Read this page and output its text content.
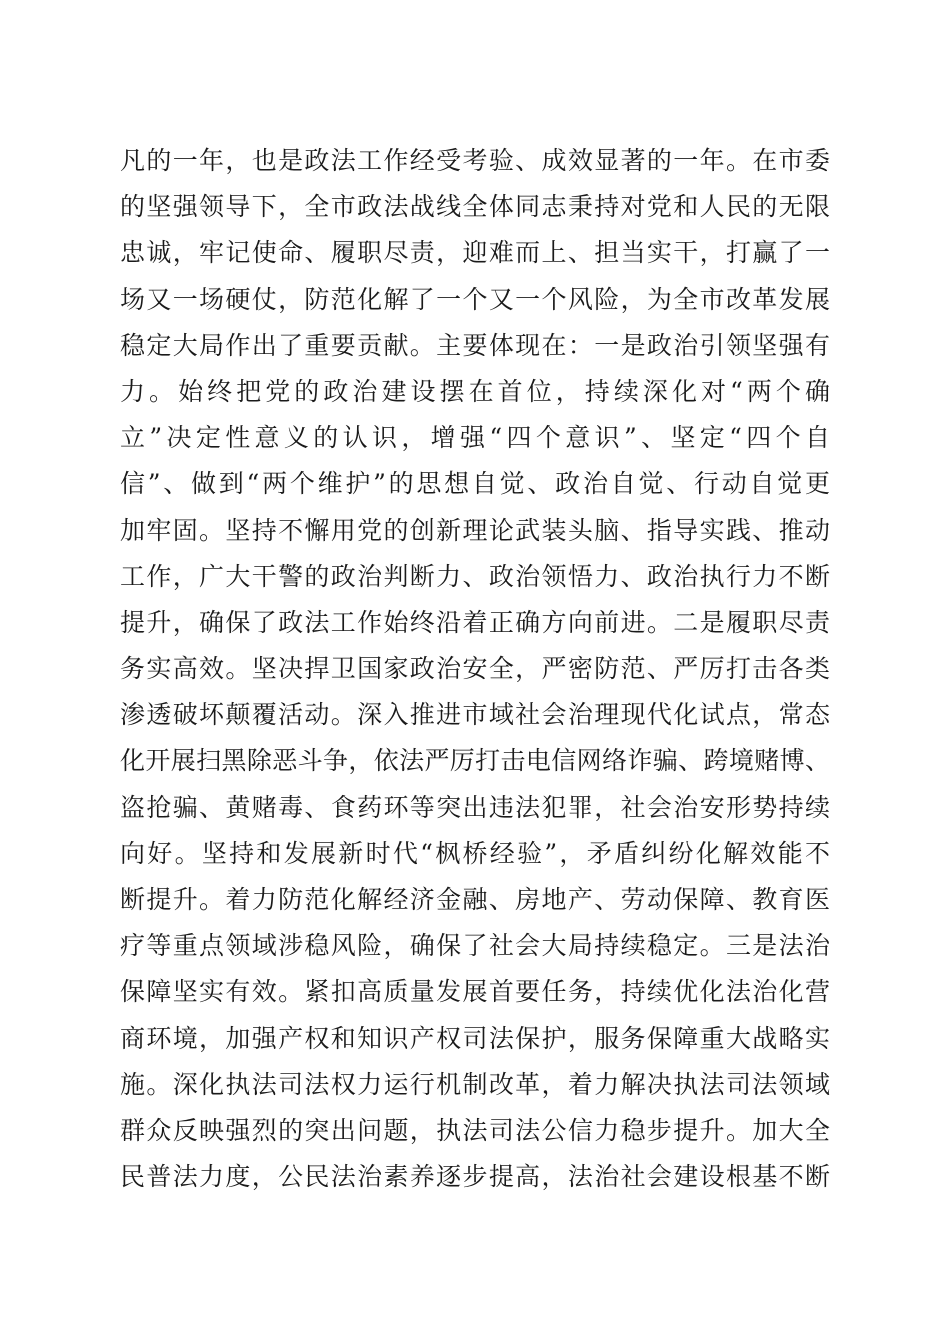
凡的一年，也是政法工作经受考验、成效显著的一年。在市委
的坚强领导下，全市政法战线全体同志秉持对党和人民的无限
忠诚，牢记使命、履职尽责，迎难而上、担当实干，打赢了一
场又一场硬仗，防范化解了一个又一个风险，为全市改革发展
稳定大局作出了重要贡献。主要体现在：一是政治引领坚强有
力。始终把党的政治建设摆在首位，持续深化对“两个确
立”决定性意义的认识，增强“四个意识”、坚定“四个自
信”、做到“两个维护”的思想自觉、政治自觉、行动自觉更
加牢固。坚持不懈用党的创新理论武装头脑、指导实践、推动
工作，广大干警的政治判断力、政治领悟力、政治执行力不断
提升，确保了政法工作始终沿着正确方向前进。二是履职尽责
务实高效。坚决捍卫国家政治安全，严密防范、严厉打击各类
渗透破坏颠覆活动。深入推进市域社会治理现代化试点，常态
化开展扫黑除恶斗争，依法严厉打击电信网络诈骗、跨境赌博、
盗抢骗、黄赌毒、食药环等突出违法犯罪，社会治安形势持续
向好。坚持和发展新时代“枫桥经验”，矛盾纠纷化解效能不
断提升。着力防范化解经济金融、房地产、劳动保障、教育医
疗等重点领域涉稳风险，确保了社会大局持续稳定。三是法治
保障坚实有效。紧扣高质量发展首要任务，持续优化法治化营
商环境，加强产权和知识产权司法保护，服务保障重大战略实
施。深化执法司法权力运行机制改革，着力解决执法司法领域
群众反映强烈的突出问题，执法司法公信力稳步提升。加大全
民普法力度，公民法治素养逐步提高，法治社会建设根基不断
